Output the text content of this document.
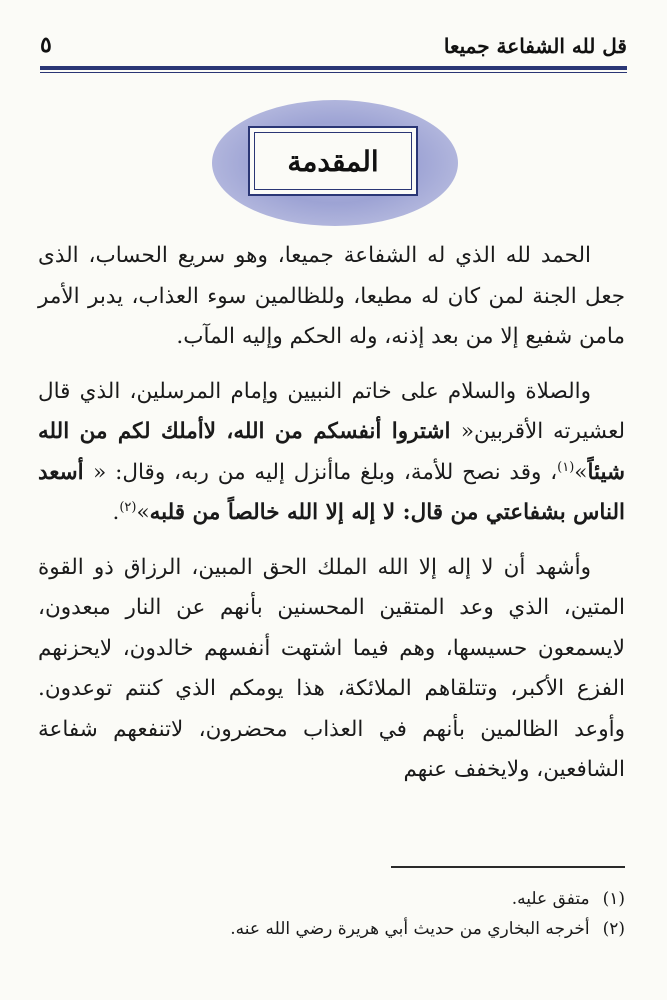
قل لله الشفاعة جميعا
٥
المقدمة

الحمد لله الذي له الشفاعة جميعا، وهو سريع الحساب، الذى جعل الجنة لمن كان له مطيعا، وللظالمين سوء العذاب، يدبر الأمر مامن شفيع إلا من بعد إذنه، وله الحكم وإليه المآب.

والصلاة والسلام على خاتم النبيين وإمام المرسلين، الذي قال لعشيرته الأقربين« اشتروا أنفسكم من الله، لاأملك لكم من الله شيئاً»$^{(١)}$، وقد نصح للأمة، وبلغ ماأنزل إليه من ربه، وقال: « أسعد الناس بشفاعتي من قال: لا إله إلا الله خالصاً من قلبه»$^{(٢)}$.

وأشهد أن لا إله إلا الله الملك الحق المبين، الرزاق ذو القوة المتين، الذي وعد المتقين المحسنين بأنهم عن النار مبعدون، لايسمعون حسيسها، وهم فيما اشتهت أنفسهم خالدون، لايحزنهم الفزع الأكبر، وتتلقاهم الملائكة، هذا يومكم الذي كنتم توعدون. وأوعد الظالمين بأنهم في العذاب محضرون، لاتنفعهم شفاعة الشافعين، ولايخفف عنهم

(١) متفق عليه.
(٢) أخرجه البخاري من حديث أبي هريرة رضي الله عنه.
